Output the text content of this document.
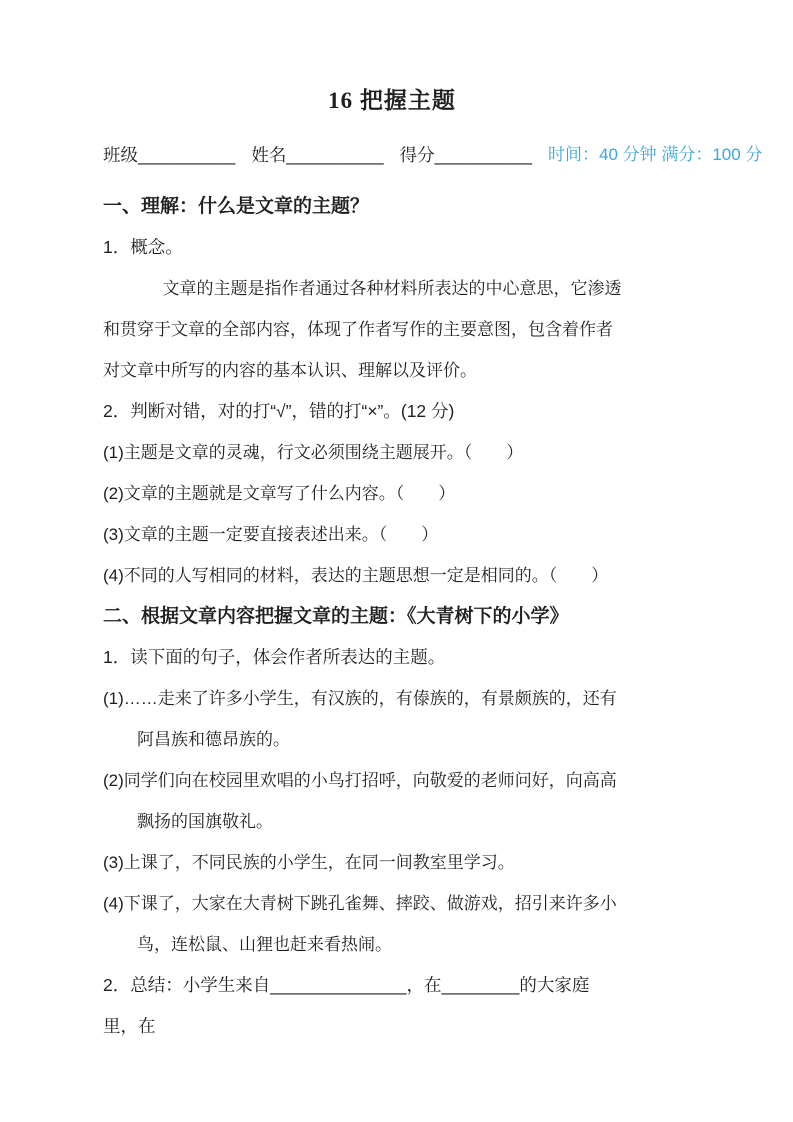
16 把握主题
班级 __________ 姓名 __________ 得分 __________ 时间：40 分钟 满分：100 分
一、理解：什么是文章的主题？
1．概念。
文章的主题是指作者通过各种材料所表达的中心意思，它渗透和贯穿于文章的全部内容，体现了作者写作的主要意图，包含着作者对文章中所写的内容的基本认识、理解以及评价。
2．判断对错，对的打“√”，错的打“×”。(12 分)
(1)主题是文章的灵魂，行文必须围绕主题展开。（　　）
(2)文章的主题就是文章写了什么内容。（　　）
(3)文章的主题一定要直接表述出来。（　　）
(4)不同的人写相同的材料，表达的主题思想一定是相同的。（　　）
二、根据文章内容把握文章的主题：《大青树下的小学》
1．读下面的句子，体会作者所表达的主题。
(1)……走来了许多小学生，有汉族的，有傣族的，有景颇族的，还有阿昌族和德昂族的。
(2)同学们向在校园里欢唱的小鸟打招呼，向敬爱的老师问好，向高高飘扬的国旗敬礼。
(3)上课了，不同民族的小学生，在同一间教室里学习。
(4)下课了，大家在大青树下跳孔雀舞、摔跤、做游戏，招引来许多小鸟，连松鼠、山狸也赶来看热闹。
2．总结：小学生来自______________，在________的大家庭里，在
